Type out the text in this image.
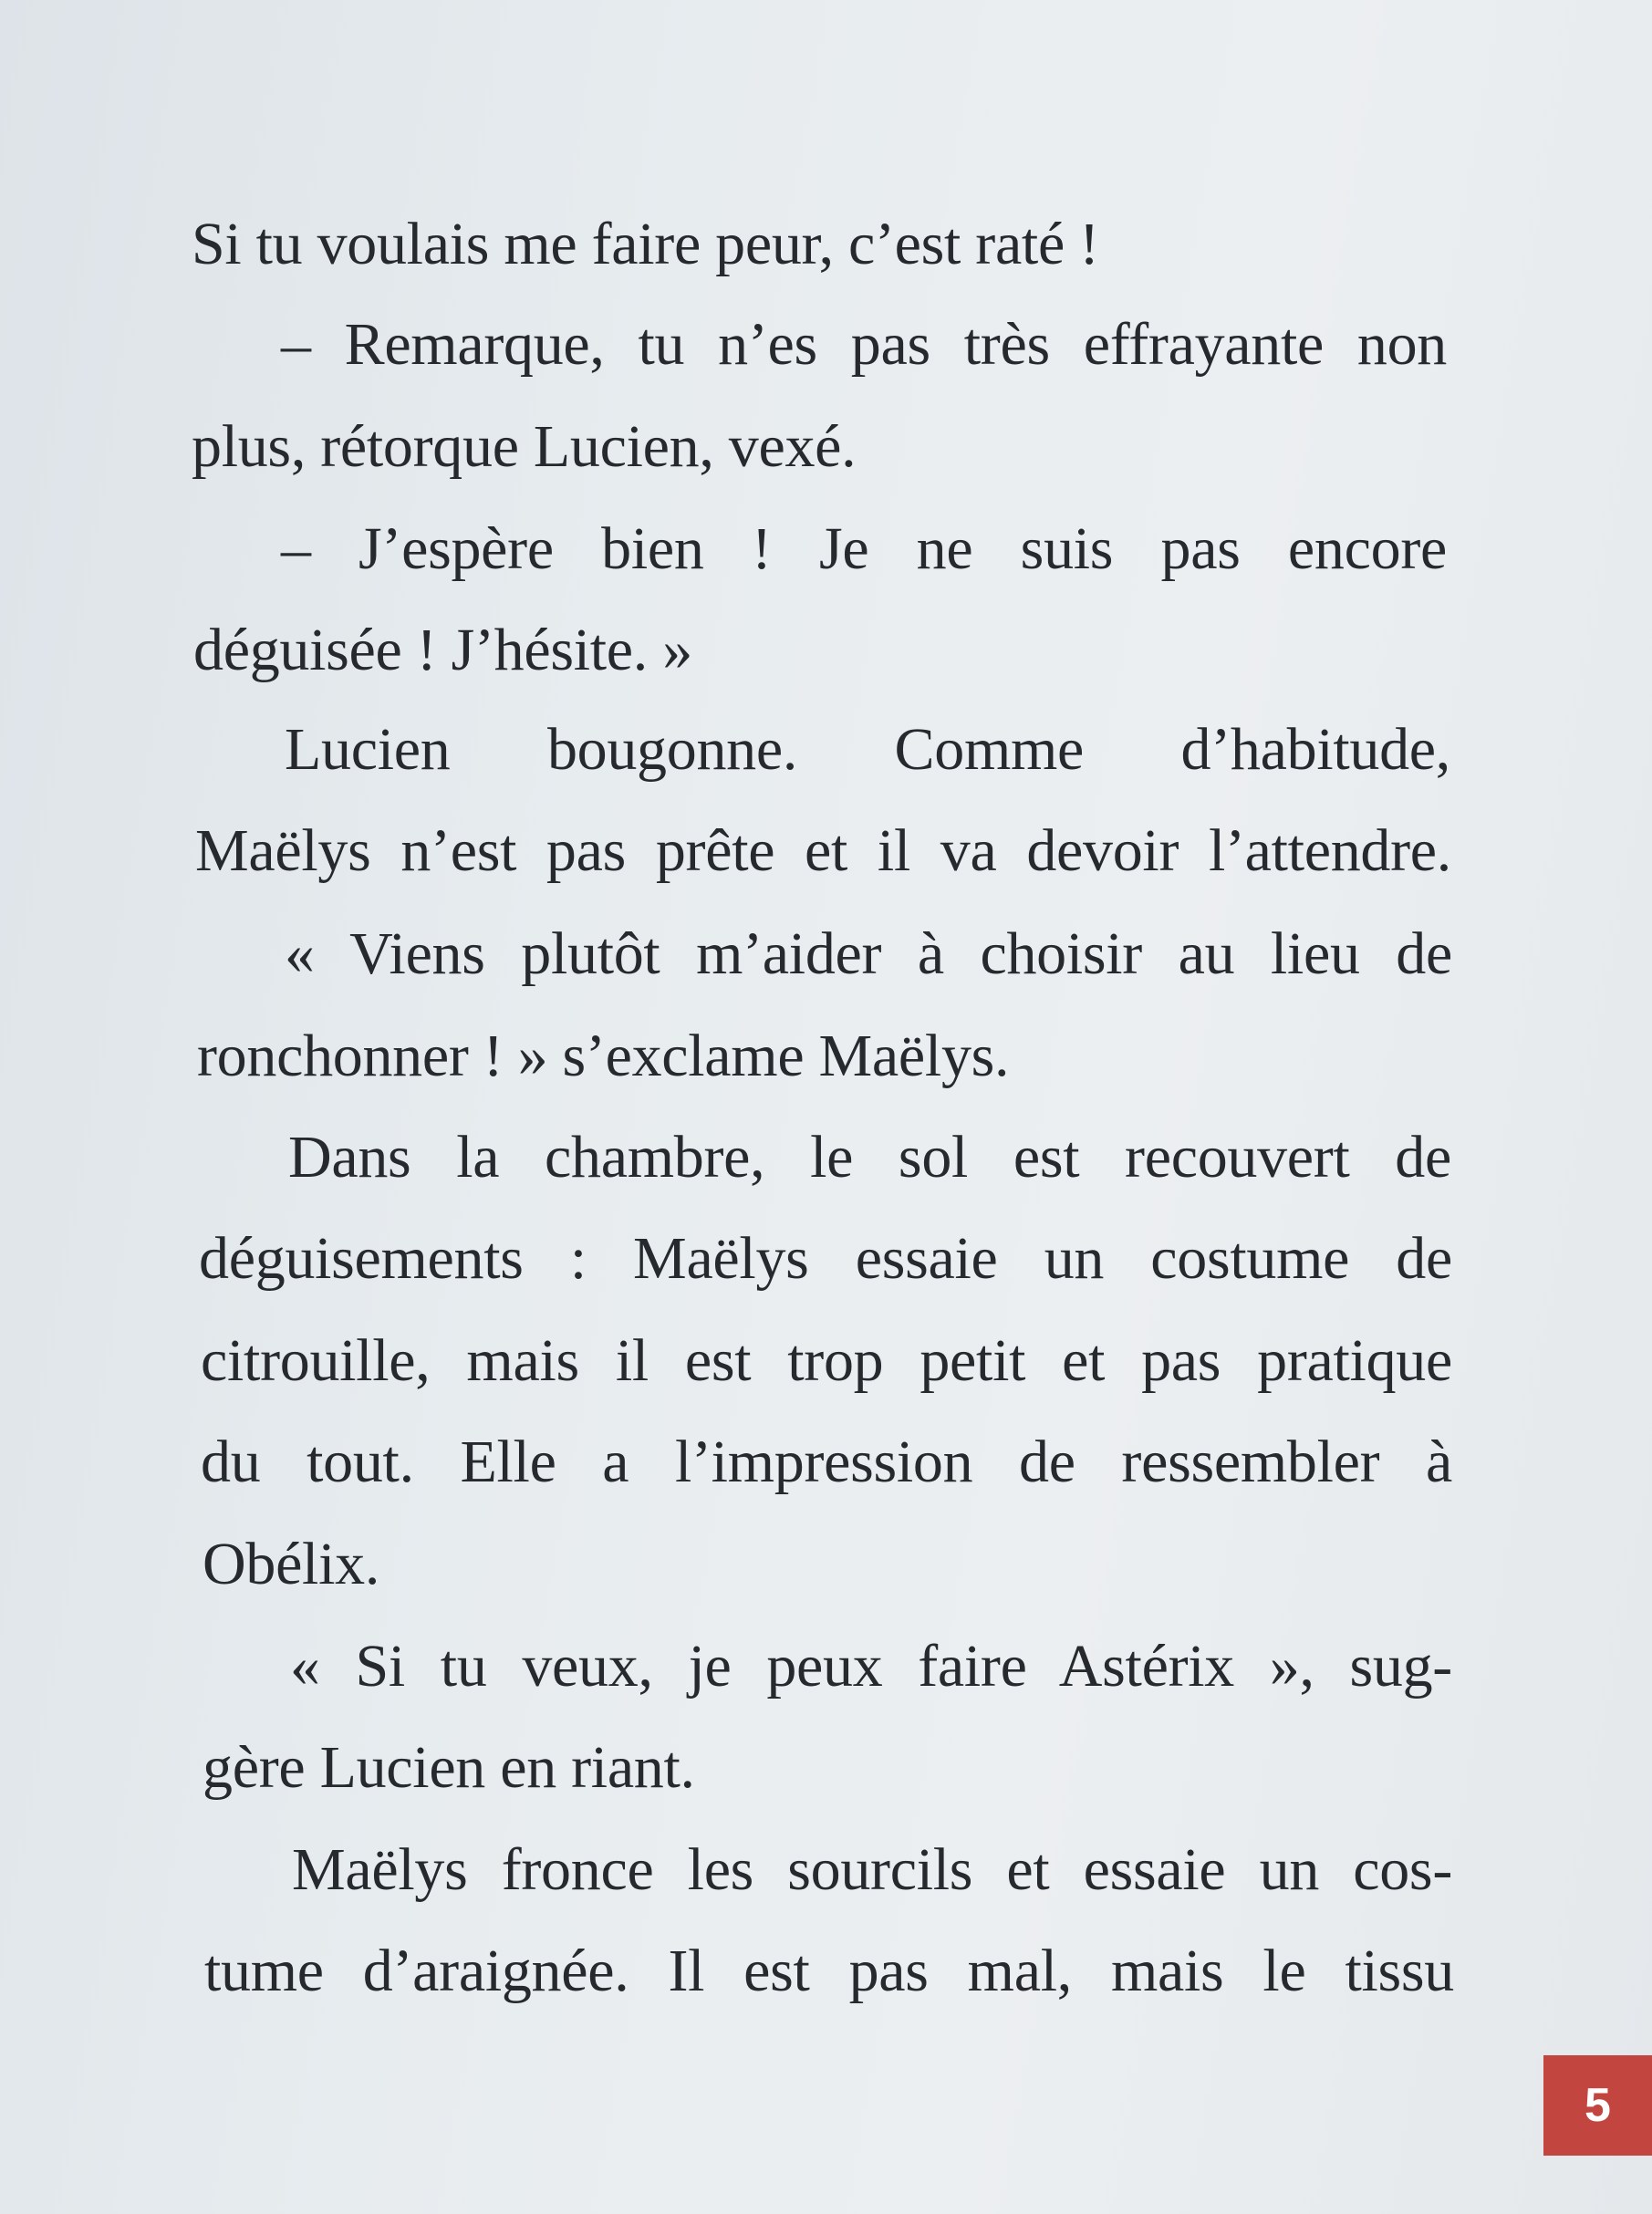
Si tu voulais me faire peur, c’est raté !
– Remarque, tu n’es pas très effrayante non
plus, rétorque Lucien, vexé.
– J’espère bien ! Je ne suis pas encore
déguisée ! J’hésite. »
Lucien bougonne. Comme d’habitude,
Maëlys n’est pas prête et il va devoir l’attendre.
« Viens plutôt m’aider à choisir au lieu de
ronchonner ! » s’exclame Maëlys.
Dans la chambre, le sol est recouvert de
déguisements : Maëlys essaie un costume de
citrouille, mais il est trop petit et pas pratique
du tout. Elle a l’impression de ressembler à
Obélix.
« Si tu veux, je peux faire Astérix », sug-
gère Lucien en riant.
Maëlys fronce les sourcils et essaie un cos-
tume d’araignée. Il est pas mal, mais le tissu
5
